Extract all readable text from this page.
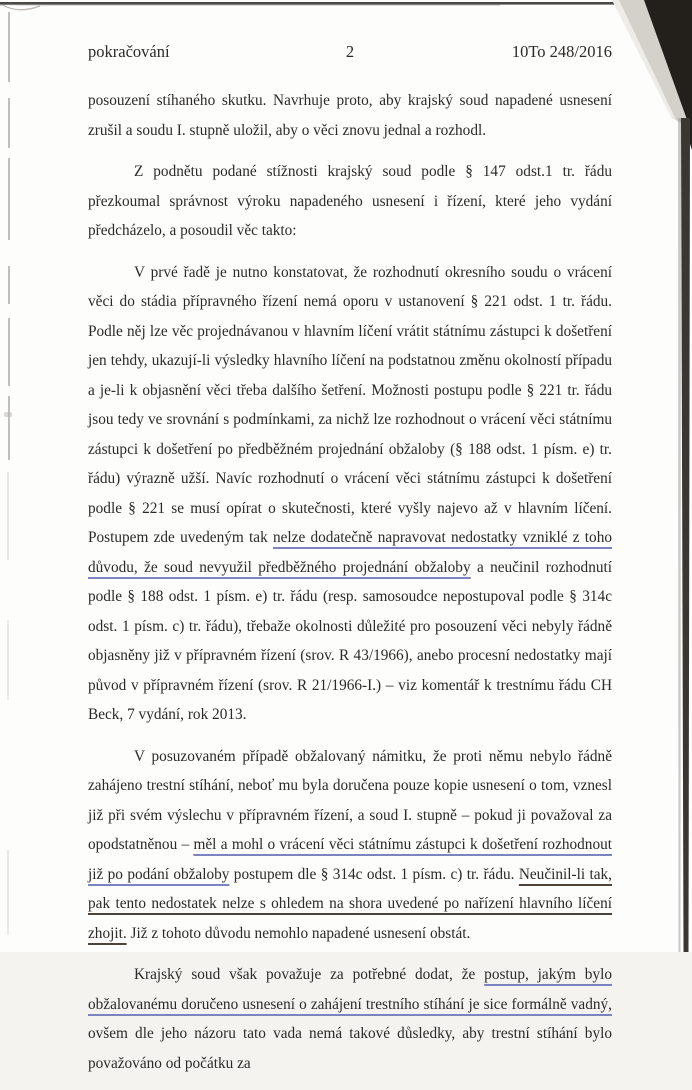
pokračování	2	10To 248/2016

posouzení stíhaného skutku. Navrhuje proto, aby krajský soud napadené usnesení zrušil a soudu I. stupně uložil, aby o věci znovu jednal a rozhodl.

Z podnětu podané stížnosti krajský soud podle § 147 odst.1 tr. řádu přezkoumal správnost výroku napadeného usnesení i řízení, které jeho vydání předcházelo, a posoudil věc takto:

V prvé řadě je nutno konstatovat, že rozhodnutí okresního soudu o vrácení věci do stádia přípravného řízení nemá oporu v ustanovení § 221 odst. 1 tr. řádu. Podle něj lze věc projednávanou v hlavním líčení vrátit státnímu zástupci k došetření jen tehdy, ukazují-li výsledky hlavního líčení na podstatnou změnu okolností případu a je-li k objasnění věci třeba dalšího šetření. Možnosti postupu podle § 221 tr. řádu jsou tedy ve srovnání s podmínkami, za nichž lze rozhodnout o vrácení věci státnímu zástupci k došetření po předběžném projednání obžaloby (§ 188 odst. 1 písm. e) tr. řádu) výrazně užší. Navíc rozhodnutí o vrácení věci státnímu zástupci k došetření podle § 221 se musí opírat o skutečnosti, které vyšly najevo až v hlavním líčení. Postupem zde uvedeným tak nelze dodatečně napravovat nedostatky vzniklé z toho důvodu, že soud nevyužil předběžného projednání obžaloby a neučinil rozhodnutí podle § 188 odst. 1 písm. e) tr. řádu (resp. samosoudce nepostupoval podle § 314c odst. 1 písm. c) tr. řádu), třebaže okolnosti důležité pro posouzení věci nebyly řádně objasněny již v přípravném řízení (srov. R 43/1966), anebo procesní nedostatky mají původ v přípravném řízení (srov. R 21/1966-I.) – viz komentář k trestnímu řádu CH Beck, 7 vydání, rok 2013.

V posuzovaném případě obžalovaný námitku, že proti němu nebylo řádně zahájeno trestní stíhání, neboť mu byla doručena pouze kopie usnesení o tom, vznesl již při svém výslechu v přípravném řízení, a soud I. stupně – pokud ji považoval za opodstatněnou – měl a mohl o vrácení věci státnímu zástupci k došetření rozhodnout již po podání obžaloby postupem dle § 314c odst. 1 písm. c) tr. řádu. Neučinil-li tak, pak tento nedostatek nelze s ohledem na shora uvedené po nařízení hlavního líčení zhojit. Již z tohoto důvodu nemohlo napadené usnesení obstát.

Krajský soud však považuje za potřebné dodat, že postup, jakým bylo obžalovanému doručeno usnesení o zahájení trestního stíhání je sice formálně vadný, ovšem dle jeho názoru tato vada nemá takové důsledky, aby trestní stíhání bylo považováno od počátku za
